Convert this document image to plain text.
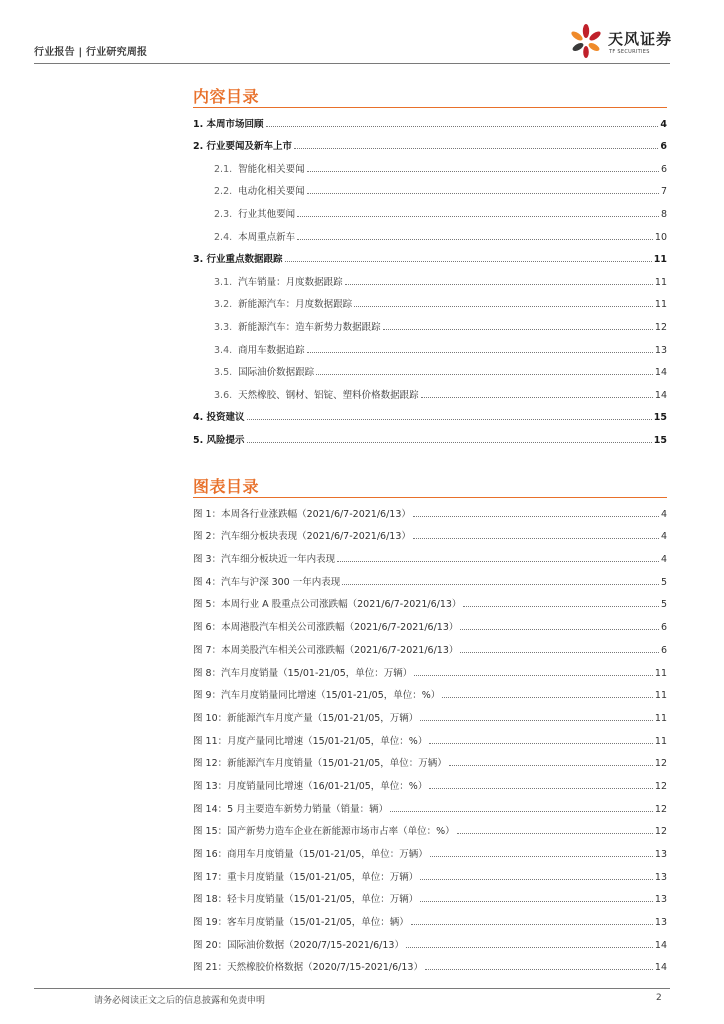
行业报告 | 行业研究周报
天风证券
TF SECURITIES
内容目录
1. 本周市场回顾	4
2. 行业要闻及新车上市	6
2.1. 智能化相关要闻	6
2.2. 电动化相关要闻	7
2.3. 行业其他要闻	8
2.4. 本周重点新车	10
3. 行业重点数据跟踪	11
3.1. 汽车销量：月度数据跟踪	11
3.2. 新能源汽车：月度数据跟踪	11
3.3. 新能源汽车：造车新势力数据跟踪	12
3.4. 商用车数据追踪	13
3.5. 国际油价数据跟踪	14
3.6. 天然橡胶、钢材、铝锭、塑料价格数据跟踪	14
4. 投资建议	15
5. 风险提示	15
图表目录
图 1：本周各行业涨跌幅（2021/6/7-2021/6/13）	4
图 2：汽车细分板块表现（2021/6/7-2021/6/13）	4
图 3：汽车细分板块近一年内表现	4
图 4：汽车与沪深 300 一年内表现	5
图 5：本周行业 A 股重点公司涨跌幅（2021/6/7-2021/6/13）	5
图 6：本周港股汽车相关公司涨跌幅（2021/6/7-2021/6/13）	6
图 7：本周美股汽车相关公司涨跌幅（2021/6/7-2021/6/13）	6
图 8：汽车月度销量（15/01-21/05，单位：万辆）	11
图 9：汽车月度销量同比增速（15/01-21/05，单位：%）	11
图 10：新能源汽车月度产量（15/01-21/05，万辆）	11
图 11：月度产量同比增速（15/01-21/05，单位：%）	11
图 12：新能源汽车月度销量（15/01-21/05，单位：万辆）	12
图 13：月度销量同比增速（16/01-21/05，单位：%）	12
图 14：5 月主要造车新势力销量（销量：辆）	12
图 15：国产新势力造车企业在新能源市场市占率（单位：%）	12
图 16：商用车月度销量（15/01-21/05，单位：万辆）	13
图 17：重卡月度销量（15/01-21/05，单位：万辆）	13
图 18：轻卡月度销量（15/01-21/05，单位：万辆）	13
图 19：客车月度销量（15/01-21/05，单位：辆）	13
图 20：国际油价数据（2020/7/15-2021/6/13）	14
图 21：天然橡胶价格数据（2020/7/15-2021/6/13）	14
请务必阅读正文之后的信息披露和免责申明	2
